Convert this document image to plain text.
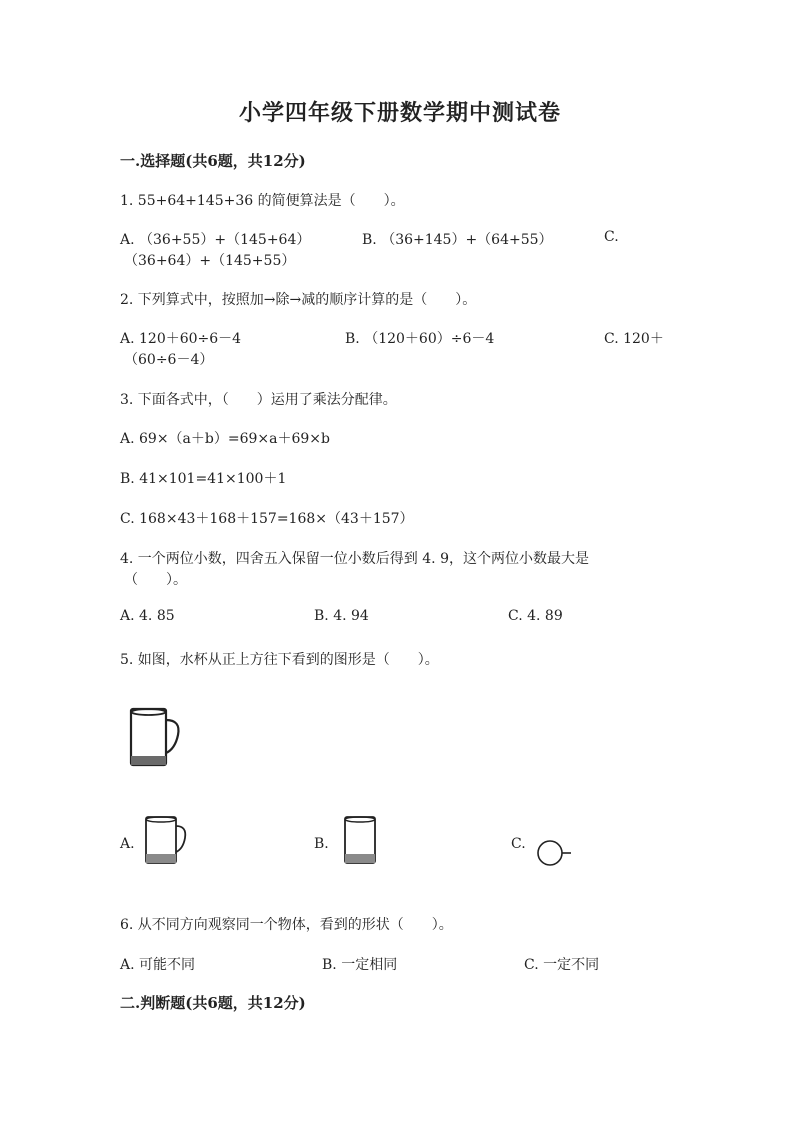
小学四年级下册数学期中测试卷
一.选择题(共6题，共12分)
1. 55+64+145+36 的简便算法是（　　）。
A. （36+55）+（145+64）	B. （36+145）+（64+55）	C.
（36+64）+（145+55）
2. 下列算式中，按照加→除→减的顺序计算的是（　　）。
A. 120＋60÷6－4	B. （120＋60）÷6－4	C. 120＋
（60÷6－4）
3. 下面各式中，（　　）运用了乘法分配律。
A. 69×（a＋b）=69×a＋69×b
B. 41×101=41×100＋1
C. 168×43＋168＋157=168×（43＋157）
4. 一个两位小数，四舍五入保留一位小数后得到 4. 9，这个两位小数最大是
（　　）。
A. 4. 85	B. 4. 94	C. 4. 89
5. 如图，水杯从正上方往下看到的图形是（　　）。
A.	B.	C.
6. 从不同方向观察同一个物体，看到的形状（　　）。
A. 可能不同	B. 一定相同	C. 一定不同
二.判断题(共6题，共12分)
